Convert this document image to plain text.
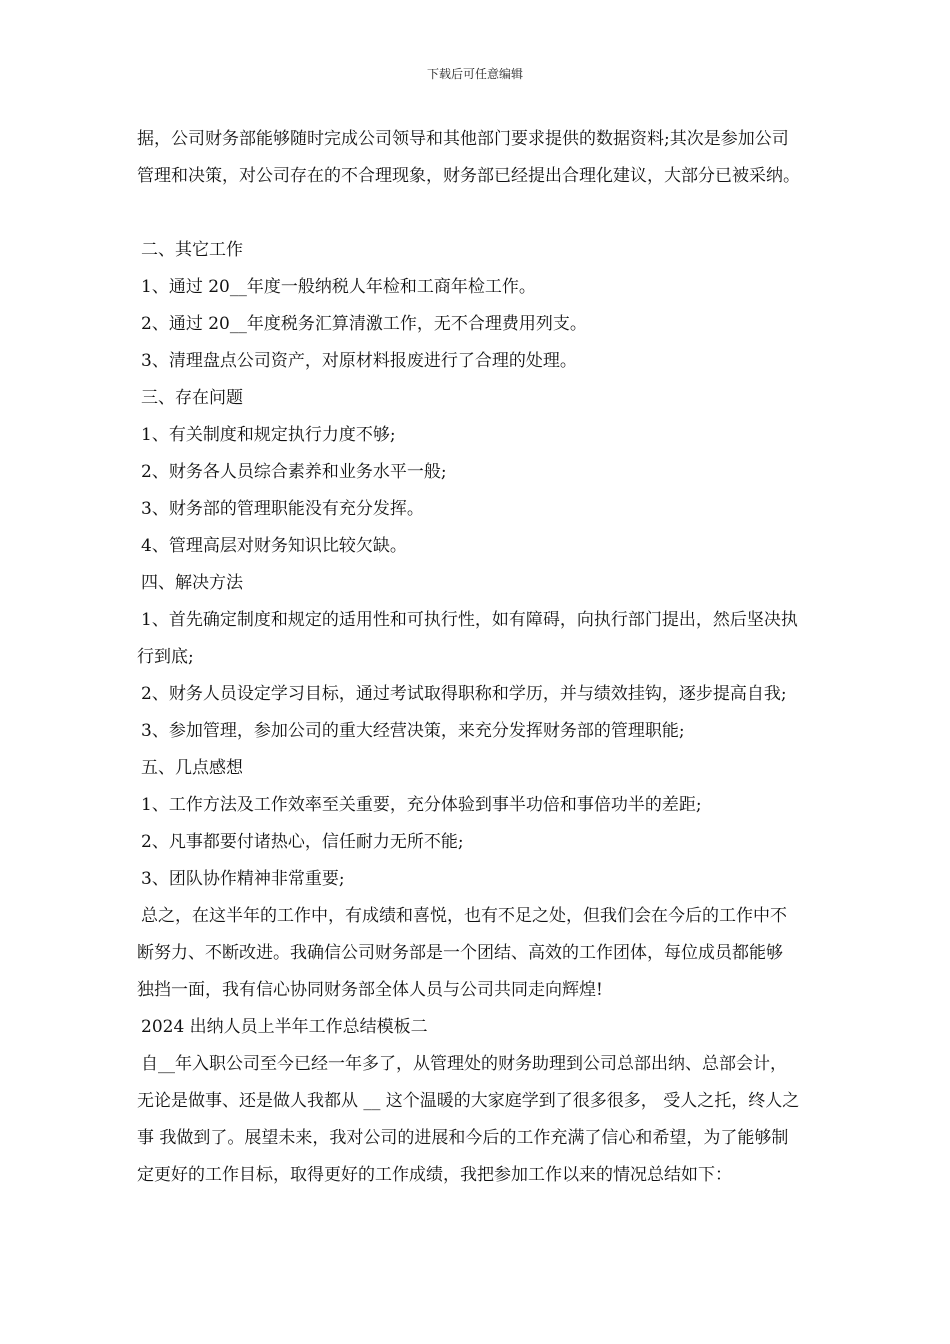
下载后可任意编辑

据，公司财务部能够随时完成公司领导和其他部门要求提供的数据资料;其次是参加公司

管理和决策，对公司存在的不合理现象，财务部已经提出合理化建议，大部分已被采纳。

二、其它工作

1、通过 20__年度一般纳税人年检和工商年检工作。

2、通过 20__年度税务汇算清激工作，无不合理费用列支。

3、清理盘点公司资产，对原材料报废进行了合理的处理。

三、存在问题

1、有关制度和规定执行力度不够;

2、财务各人员综合素养和业务水平一般;

3、财务部的管理职能没有充分发挥。

4、管理高层对财务知识比较欠缺。

四、解决方法

1、首先确定制度和规定的适用性和可执行性，如有障碍，向执行部门提出，然后坚决执

行到底;

2、财务人员设定学习目标，通过考试取得职称和学历，并与绩效挂钩，逐步提高自我;

3、参加管理，参加公司的重大经营决策，来充分发挥财务部的管理职能;

五、几点感想

1、工作方法及工作效率至关重要，充分体验到事半功倍和事倍功半的差距;

2、凡事都要付诸热心，信任耐力无所不能;

3、团队协作精神非常重要;

总之，在这半年的工作中，有成绩和喜悦，也有不足之处，但我们会在今后的工作中不

断努力、不断改进。我确信公司财务部是一个团结、高效的工作团体，每位成员都能够

独挡一面，我有信心协同财务部全体人员与公司共同走向辉煌!

2024 出纳人员上半年工作总结模板二

自__年入职公司至今已经一年多了，从管理处的财务助理到公司总部出纳、总部会计，

无论是做事、还是做人我都从 __ 这个温暖的大家庭学到了很多很多， 受人之托，终人之

事 我做到了。展望未来，我对公司的进展和今后的工作充满了信心和希望，为了能够制

定更好的工作目标，取得更好的工作成绩，我把参加工作以来的情况总结如下：
